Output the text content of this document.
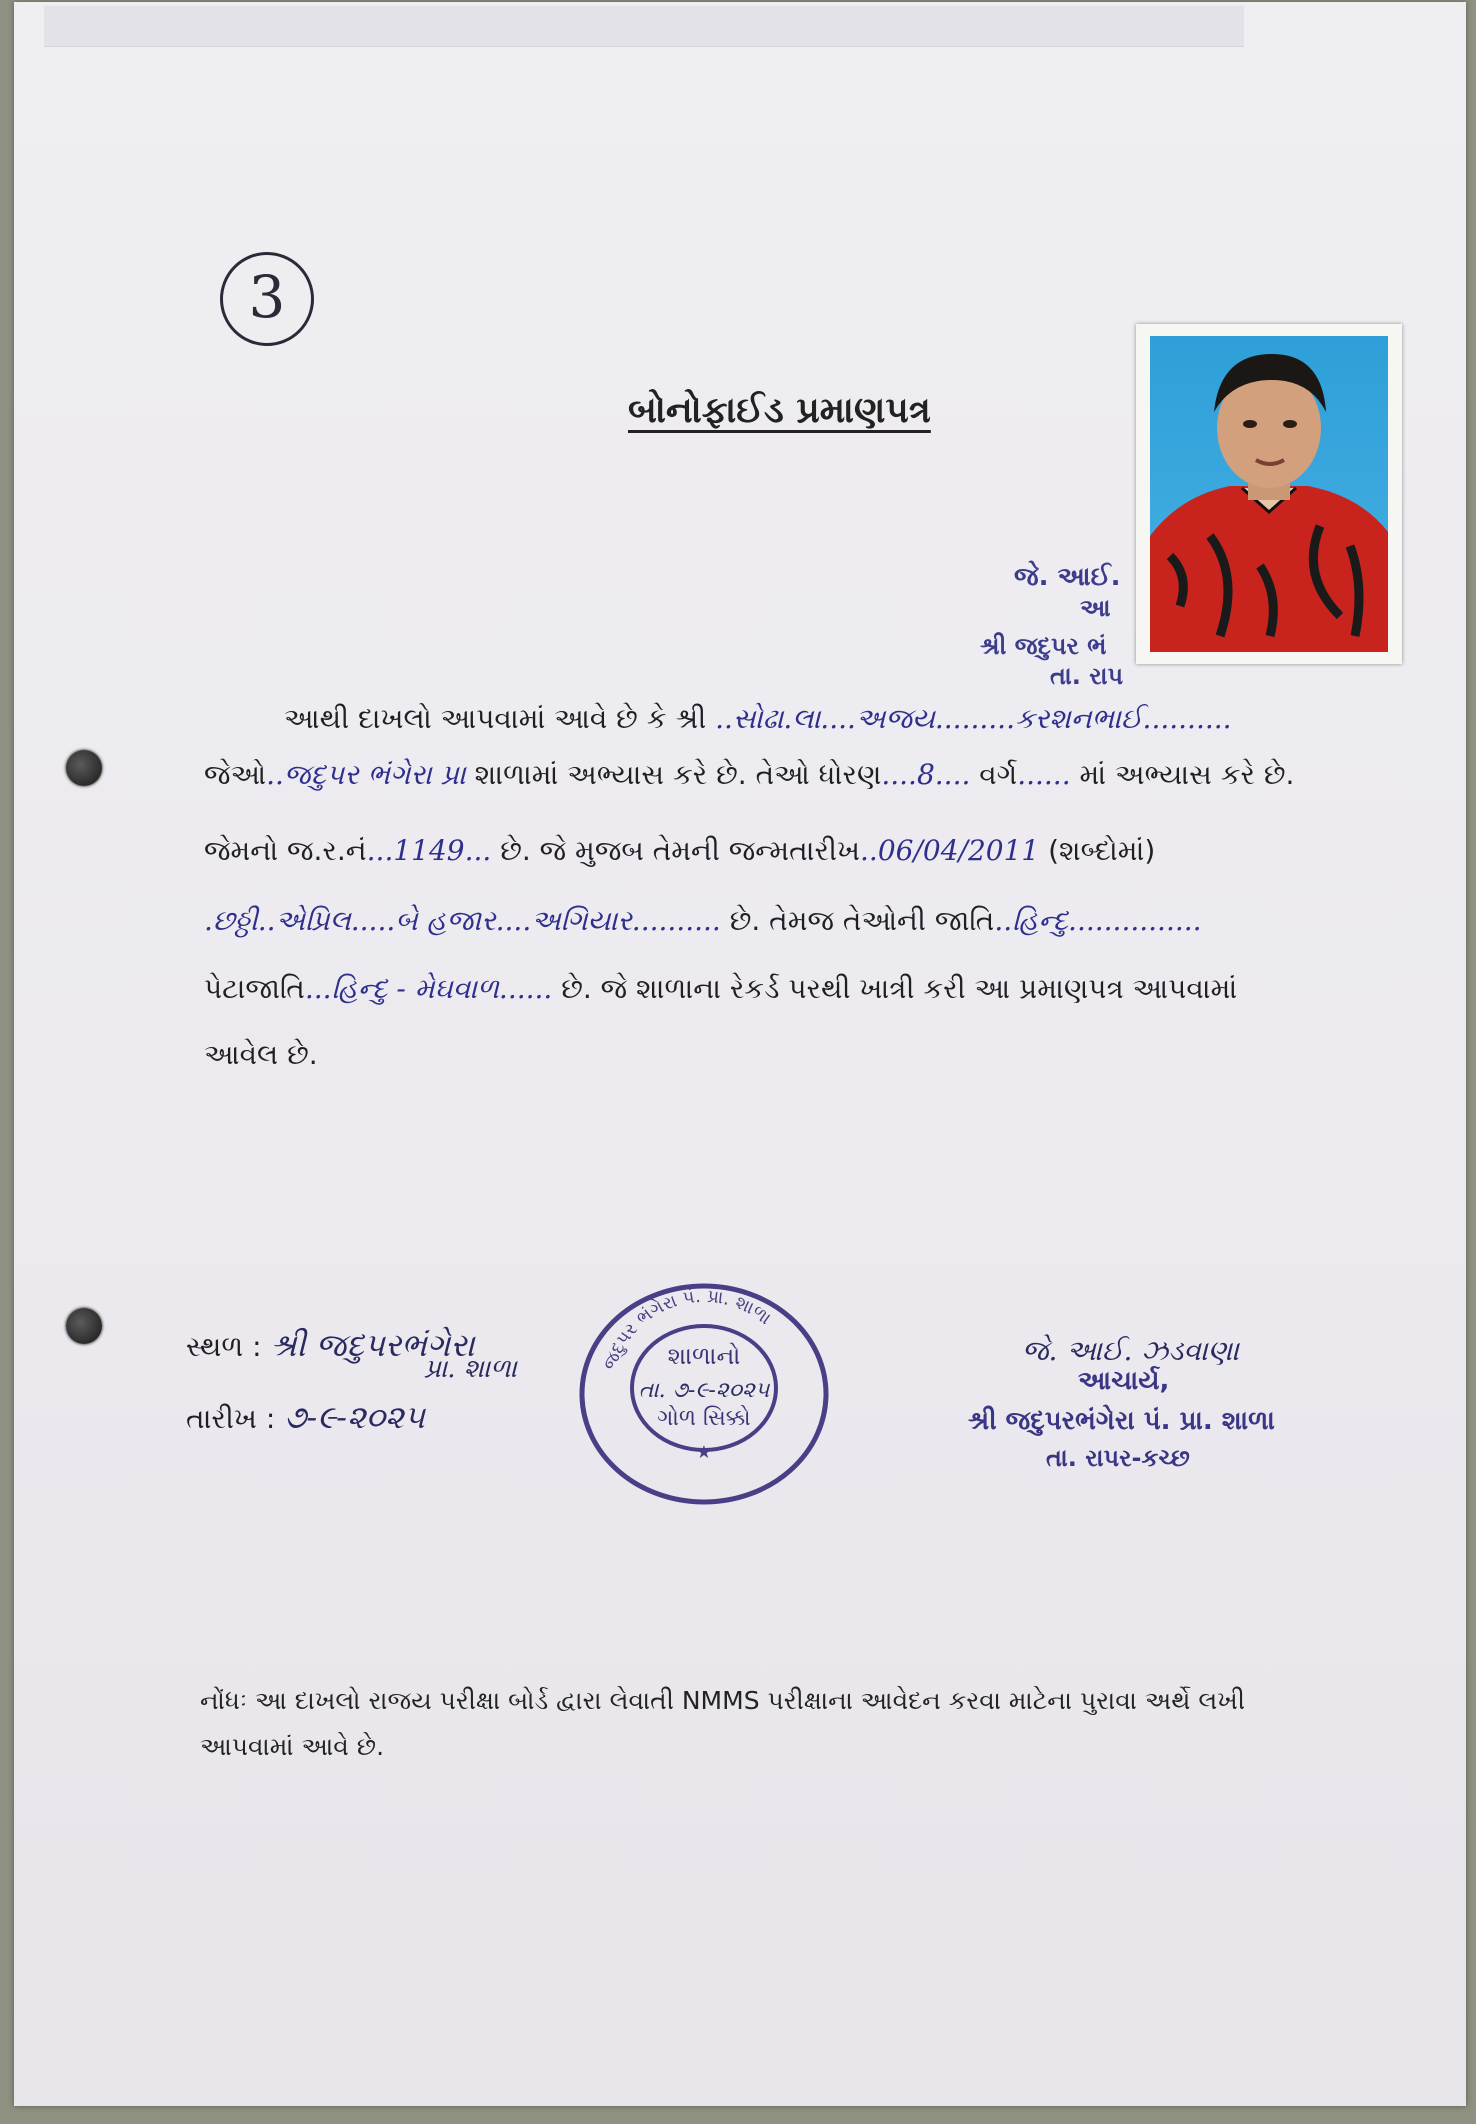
3
બોનોફાઈડ પ્રમાણપત્ર
જે. આઈ.
આ
શ્રી જદુપર ભં
તા. રાપ
આથી દાખલો આપવામાં આવે છે કે શ્રી ..સોઢા.લા....અજય.........કરશનભાઈ..........
જેઓ..જદુપર ભંગેરા પ્રા શાળામાં અભ્યાસ કરે છે. તેઓ ધોરણ....8.... વર્ગ...... માં અભ્યાસ કરે છે.
જેમનો જ.ર.નં...1149... છે. જે મુજબ તેમની જન્મતારીખ..06/04/2011 (શબ્દોમાં)
.છઠ્ઠી..એપ્રિલ.....બે હજાર....અગિયાર.......... છે. તેમજ તેઓની જાતિ..હિન્દુ...............
પેટાજાતિ...હિન્દુ - મેઘવાળ...... છે. જે શાળાના રેકર્ડ પરથી ખાત્રી કરી આ પ્રમાણપત્ર આપવામાં
આવેલ છે.
સ્થળ : શ્રી જદુપરભંગેરા
પ્રા. શાળા
તારીખ : ૭-૯-૨૦૨૫
જદુપર ભંગેરા પં. પ્રા. શાળા
★
શાળાનો
તા. ૭-૯-૨૦૨૫
ગોળ સિક્કો
જે. આઈ. ઝડવાણા
આચાર્ય,
શ્રી જદુપરભંગેરા પં. પ્રા. શાળા
તા. રાપર-કચ્છ
નોંધઃ આ દાખલો રાજય પરીક્ષા બોર્ડ દ્વારા લેવાતી NMMS પરીક્ષાના આવેદન કરવા માટેના પુરાવા અર્થે લખી
આપવામાં આવે છે.
